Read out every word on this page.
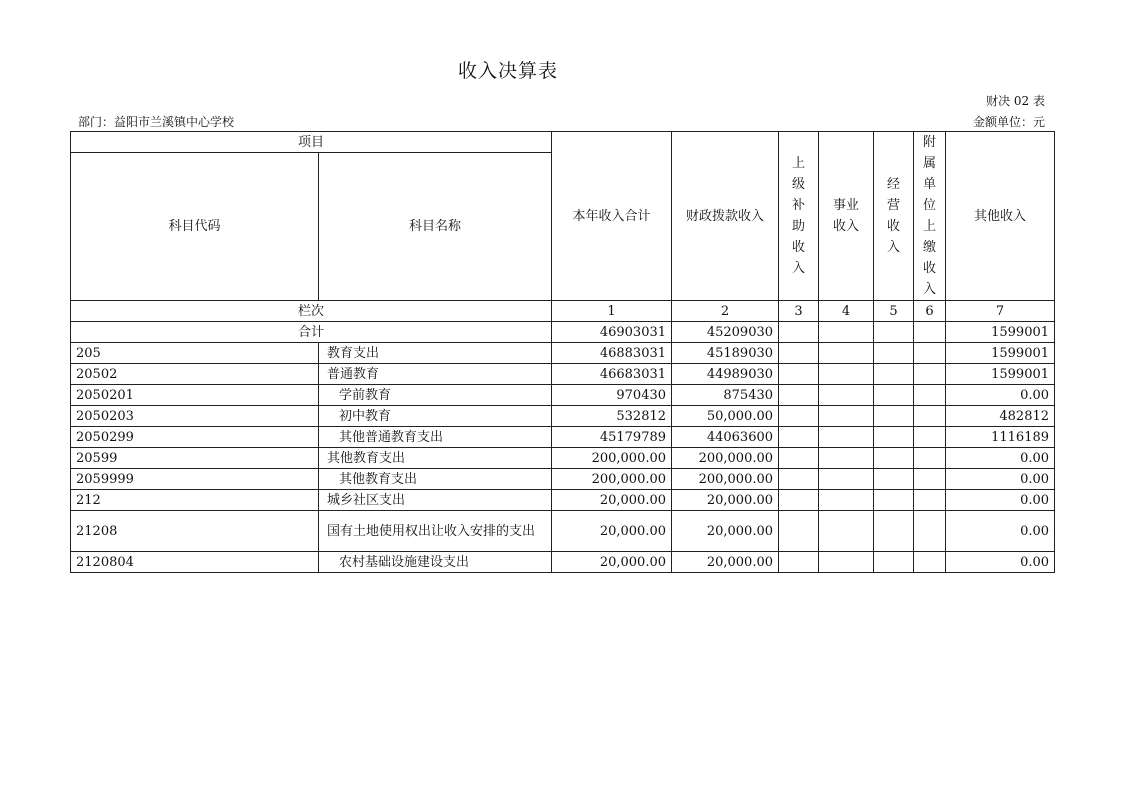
收入决算表
财决 02 表
部门：益阳市兰溪镇中心学校	金额单位：元
项目		本年收入合计	财政拨款收入	上级补助收入	事业收入	经营收入	附属单位上缴收入	其他收入
科目代码	科目名称							
栏次		1	2	3	4	5	6	7
合计		46903031	45209030					1599001
205	教育支出	46883031	45189030					1599001
20502	普通教育	46683031	44989030					1599001
2050201	学前教育	970430	875430					0.00
2050203	初中教育	532812	50,000.00					482812
2050299	其他普通教育支出	45179789	44063600					1116189
20599	其他教育支出	200,000.00	200,000.00					0.00
2059999	其他教育支出	200,000.00	200,000.00					0.00
212	城乡社区支出	20,000.00	20,000.00					0.00
21208	国有土地使用权出让收入安排的支出	20,000.00	20,000.00					0.00
2120804	农村基础设施建设支出	20,000.00	20,000.00					0.00
